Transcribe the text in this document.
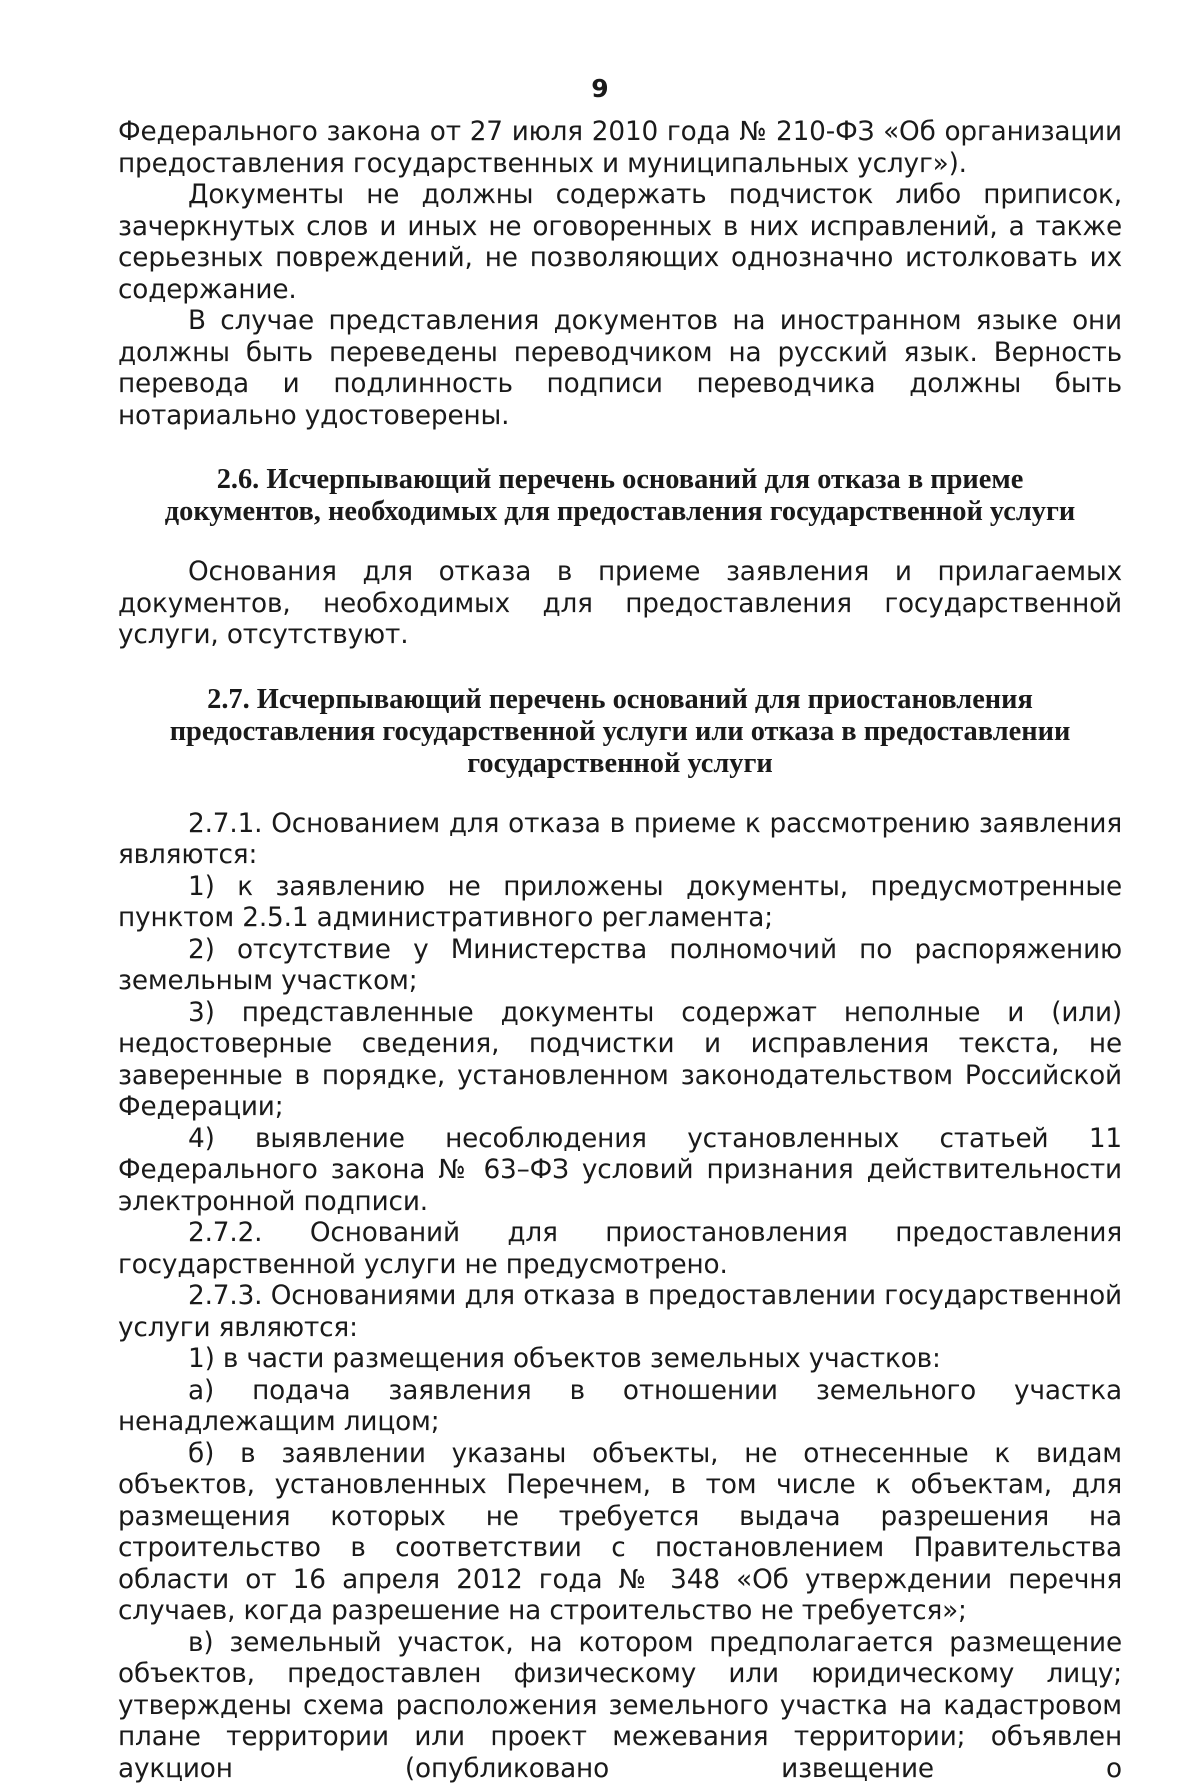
9

Федерального закона от 27 июля 2010 года № 210-ФЗ «Об организации предоставления государственных и муниципальных услуг»).

Документы не должны содержать подчисток либо приписок, зачеркнутых слов и иных не оговоренных в них исправлений, а также серьезных повреждений, не позволяющих однозначно истолковать их содержание.

В случае представления документов на иностранном языке они должны быть переведены переводчиком на русский язык. Верность перевода и подлинность подписи переводчика должны быть нотариально удостоверены.

2.6. Исчерпывающий перечень оснований для отказа в приеме
документов, необходимых для предоставления государственной услуги

Основания для отказа в приеме заявления и прилагаемых документов, необходимых для предоставления государственной услуги, отсутствуют.

2.7. Исчерпывающий перечень оснований для приостановления
предоставления государственной услуги или отказа в предоставлении
государственной услуги

2.7.1. Основанием для отказа в приеме к рассмотрению заявления являются:

1) к заявлению не приложены документы, предусмотренные пунктом 2.5.1 административного регламента;

2) отсутствие у Министерства полномочий по распоряжению земельным участком;

3) представленные документы содержат неполные и (или) недостоверные сведения, подчистки и исправления текста, не заверенные в порядке, установленном законодательством Российской Федерации;

4) выявление несоблюдения установленных статьей 11 Федерального закона № 63–ФЗ условий признания действительности электронной подписи.

2.7.2. Оснований для приостановления предоставления государственной услуги не предусмотрено.

2.7.3. Основаниями для отказа в предоставлении государственной услуги являются:

1) в части размещения объектов земельных участков:

а) подача заявления в отношении земельного участка ненадлежащим лицом;

б) в заявлении указаны объекты, не отнесенные к видам объектов, установленных Перечнем, в том числе к объектам, для размещения которых не требуется выдача разрешения на строительство в соответствии с постановлением Правительства области от 16 апреля 2012 года № 348 «Об утверждении перечня случаев, когда разрешение на строительство не требуется»;

в) земельный участок, на котором предполагается размещение объектов, предоставлен физическому или юридическому лицу; утверждены схема расположения земельного участка на кадастровом плане территории или проект межевания территории; объявлен аукцион (опубликовано извещение о
